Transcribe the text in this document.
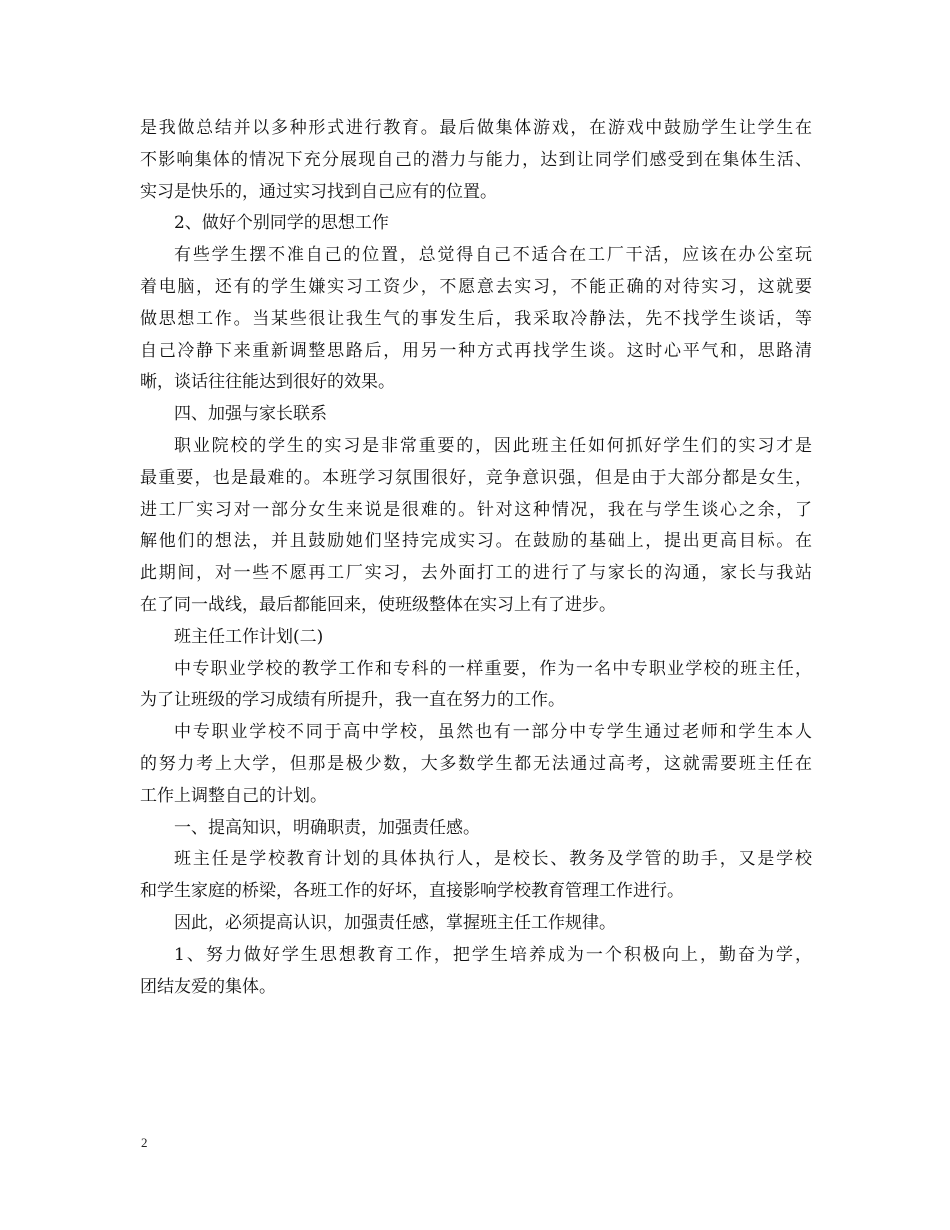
是我做总结并以多种形式进行教育。最后做集体游戏，在游戏中鼓励学生让学生在
不影响集体的情况下充分展现自己的潜力与能力，达到让同学们感受到在集体生活、
实习是快乐的，通过实习找到自己应有的位置。
2、做好个别同学的思想工作
有些学生摆不准自己的位置，总觉得自己不适合在工厂干活，应该在办公室玩
着电脑，还有的学生嫌实习工资少，不愿意去实习，不能正确的对待实习，这就要
做思想工作。当某些很让我生气的事发生后，我采取冷静法，先不找学生谈话，等
自己冷静下来重新调整思路后，用另一种方式再找学生谈。这时心平气和，思路清
晰，谈话往往能达到很好的效果。
四、加强与家长联系
职业院校的学生的实习是非常重要的，因此班主任如何抓好学生们的实习才是
最重要，也是最难的。本班学习氛围很好，竞争意识强，但是由于大部分都是女生，
进工厂实习对一部分女生来说是很难的。针对这种情况，我在与学生谈心之余，了
解他们的想法，并且鼓励她们坚持完成实习。在鼓励的基础上，提出更高目标。在
此期间，对一些不愿再工厂实习，去外面打工的进行了与家长的沟通，家长与我站
在了同一战线，最后都能回来，使班级整体在实习上有了进步。
班主任工作计划(二)
中专职业学校的教学工作和专科的一样重要，作为一名中专职业学校的班主任，
为了让班级的学习成绩有所提升，我一直在努力的工作。
中专职业学校不同于高中学校，虽然也有一部分中专学生通过老师和学生本人
的努力考上大学，但那是极少数，大多数学生都无法通过高考，这就需要班主任在
工作上调整自己的计划。
一、提高知识，明确职责，加强责任感。
班主任是学校教育计划的具体执行人，是校长、教务及学管的助手，又是学校
和学生家庭的桥梁，各班工作的好坏，直接影响学校教育管理工作进行。
因此，必须提高认识，加强责任感，掌握班主任工作规律。
1、努力做好学生思想教育工作，把学生培养成为一个积极向上，勤奋为学，
团结友爱的集体。
2
